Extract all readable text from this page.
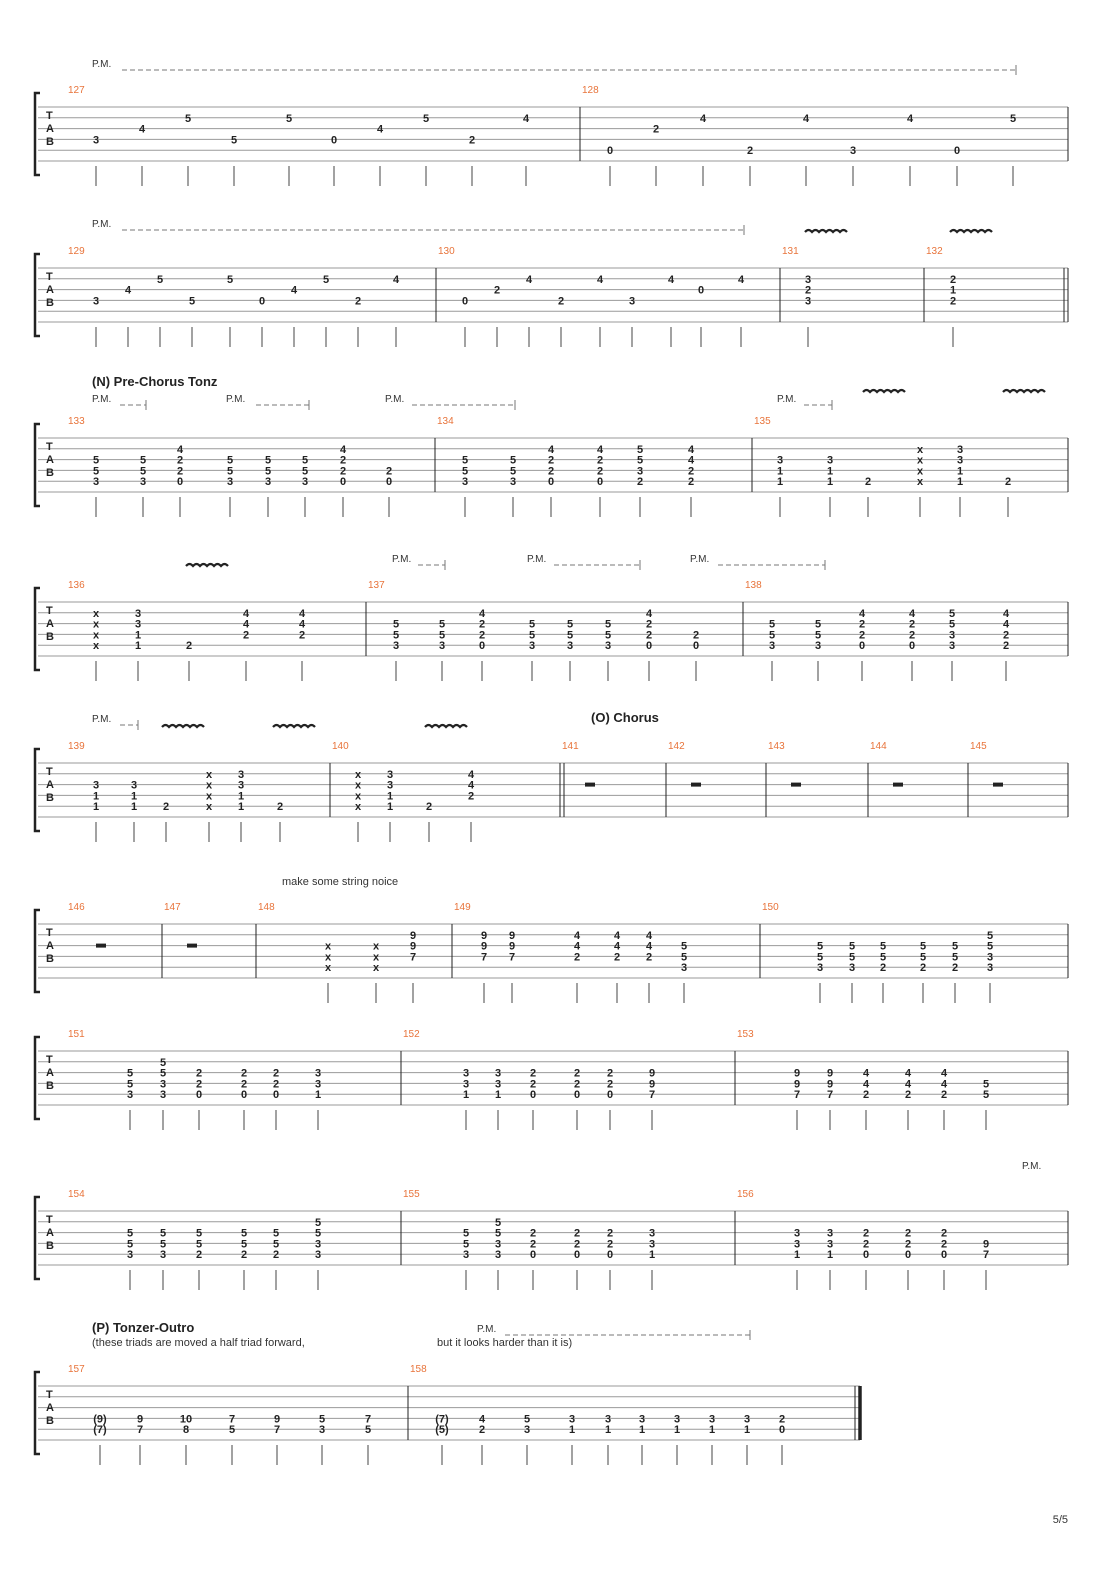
(N) Pre-Chorus Tonz
(O) Chorus
(P) Tonzer-Outro
make some string noice
(these triads are moved a half triad forward,	but it looks harder than it is)
P.M.
P.M.
P.M.	P.M.	P.M.	P.M.
P.M.	P.M.	P.M.
P.M.
P.M.
P.M.
T
A
B
127
3
4
5
5
5
0
4
5
2
4
128
0
2
4
2
4
3
4
0
5
T
A
B
129
3
4
5
5
5
0
4
5
2
4
130
0
2
4
2
4
3
4
0
4
131
3
2
3
132
2
1
2
T
A
B
133
5
5
3
5
5
3
4
2
2
0
5
5
3
5
5
3
5
5
3
4
2
2
0
2
0
134
5
5
3
5
5
3
4
2
2
0
4
2
2
0
5
5
3
2
4
4
2
2
135
3
1
1
3
1
1	2
x
x
x
x
3
3
1
1	2
T
A
B
136
x
x
x
x
3
3
1
1	2
4
4
2
4
4
2
137
5
5
3
5
5
3
4
2
2
0
5
5
3
5
5
3
5
5
3
4
2
2
0
2
0
138
5
5
3
5
5
3
4
2
2
0
4
2
2
0
5
5
3
3
4
4
2
2
T
A
B
139
3
1
1
3
1
1 2
x
x
x
x
3
3
1
1	2
140
x
x
x
x
3
3
1
1	2
4
4
2
141	142	143	144	145
T
A
B
146	147	148
x
x
x
x
x
x
9
9
7
149
9
9
7
9
9
7
4
4
2
4
4
2
4
4
2
5
5
3
150
5
5
3
5
5
3
5
5
2
5
5
2
5
5
2
5
5
3
3
T
A
B
151
5
5
3
5
5
3
3
2
2
0
2
2
0
2
2
0
3
3
1
152
3
3
1
3
3
1
2
2
0
2
2
0
2
2
0
9
9
7
153
9
9
7
9
9
7
4
4
2
4
4
2
4
4
2
5
5
T
A
B
154
5
5
3
5
5
3
5
5
2
5
5
2
5
5
2
5
5
3
3
155
5
5
3
5
5
3
3
2
2
0
2
2
0
2
2
0
3
3
1
156
3
3
1
3
3
1
2
2
0
2
2
0
2
2
0
9
7
T
A
B
157
(9)
(7)
9
7
10
8
7
5
9
7
5
3
7
5
158
(7)
(5)
4
2
5
3
3
1
3
1
3
1
3
1
3
1
3
1
2
0
5/5
